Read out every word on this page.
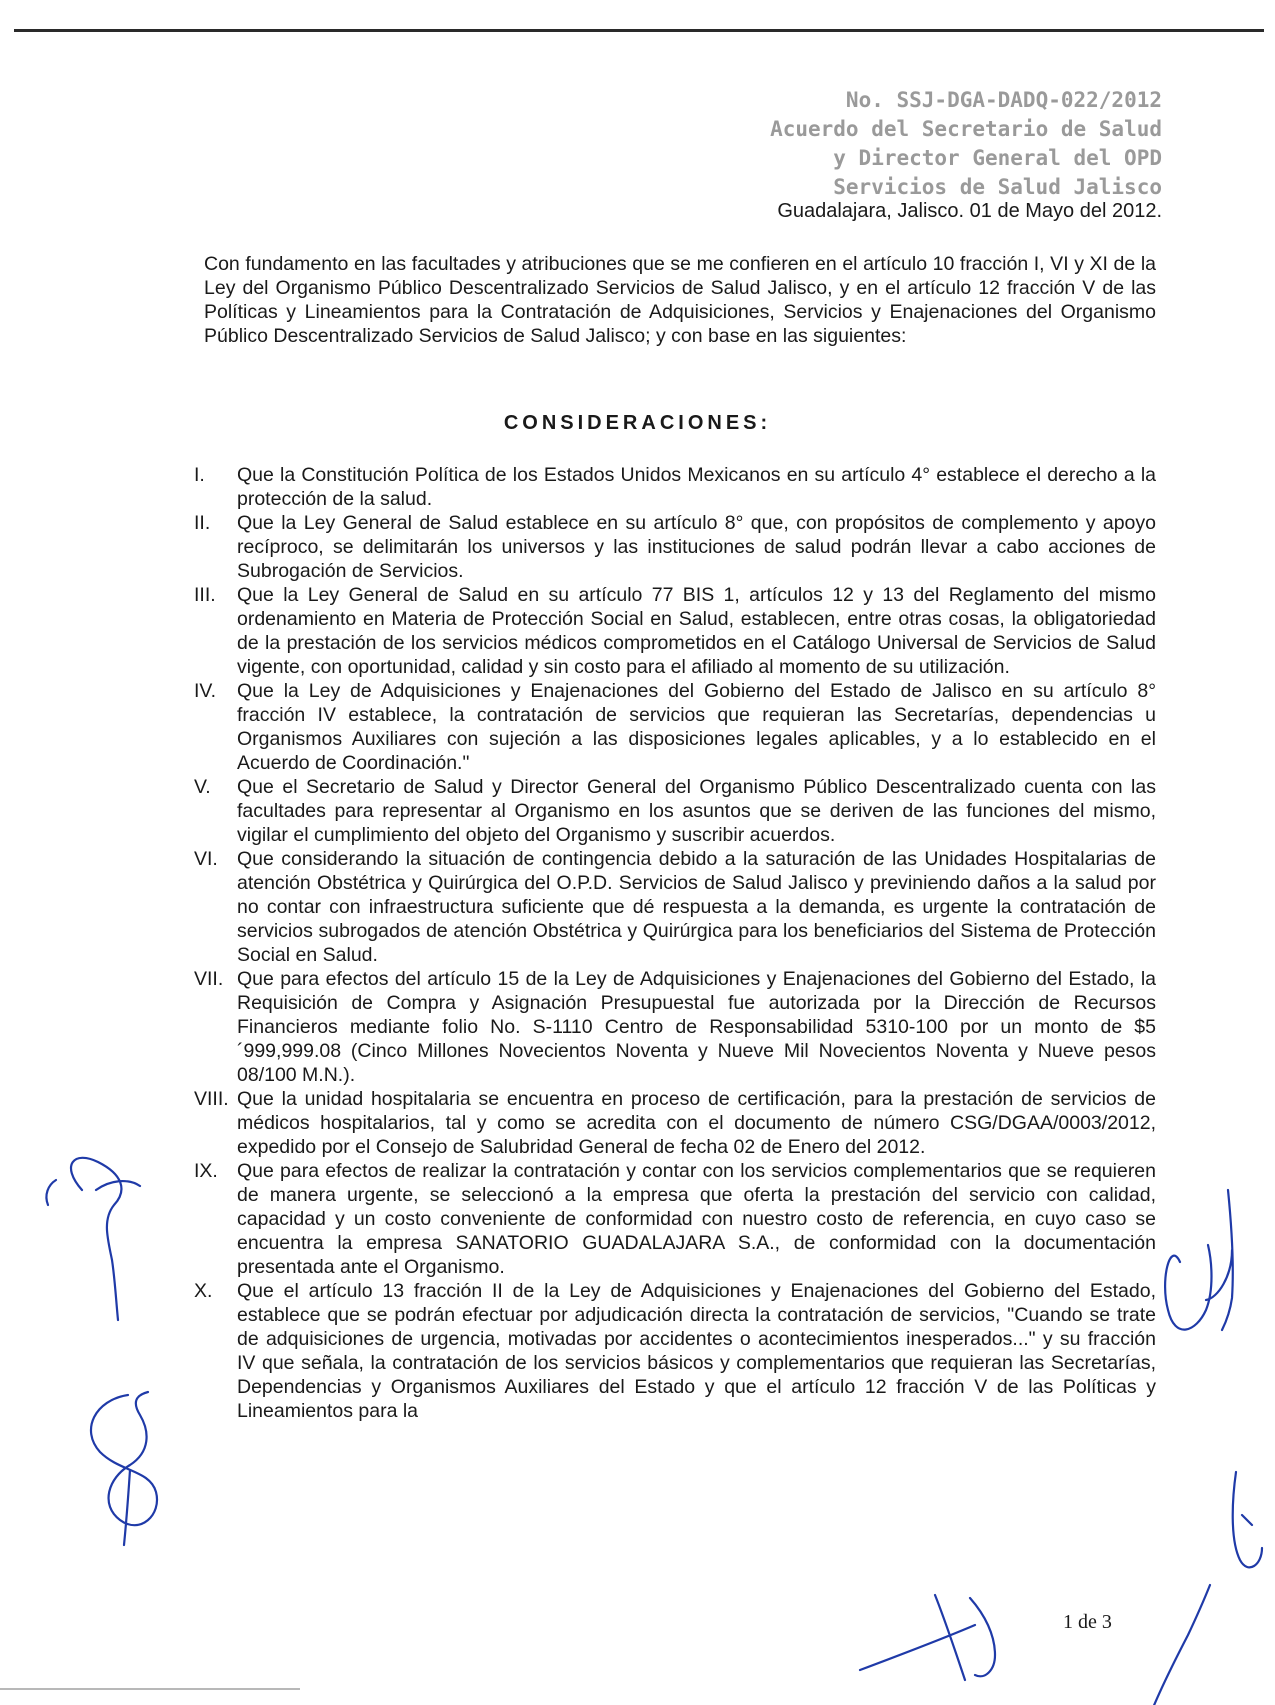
No. SSJ-DGA-DADQ-022/2012
Acuerdo del Secretario de Salud
y Director General del OPD
Servicios de Salud Jalisco
Guadalajara, Jalisco. 01 de Mayo del 2012.
Con fundamento en las facultades y atribuciones que se me confieren en el artículo 10 fracción I, VI y XI de la Ley del Organismo Público Descentralizado Servicios de Salud Jalisco, y en el artículo 12 fracción V de las Políticas y Lineamientos para la Contratación de Adquisiciones, Servicios y Enajenaciones del Organismo Público Descentralizado Servicios de Salud Jalisco; y con base en las siguientes:
CONSIDERACIONES:
I.	Que la Constitución Política de los Estados Unidos Mexicanos en su artículo 4° establece el derecho a la protección de la salud.
II.	Que la Ley General de Salud establece en su artículo 8° que, con propósitos de complemento y apoyo recíproco, se delimitarán los universos y las instituciones de salud podrán llevar a cabo acciones de Subrogación de Servicios.
III.	Que la Ley General de Salud en su artículo 77 BIS 1, artículos 12 y 13 del Reglamento del mismo ordenamiento en Materia de Protección Social en Salud, establecen, entre otras cosas, la obligatoriedad de la prestación de los servicios médicos comprometidos en el Catálogo Universal de Servicios de Salud vigente, con oportunidad, calidad y sin costo para el afiliado al momento de su utilización.
IV.	Que la Ley de Adquisiciones y Enajenaciones del Gobierno del Estado de Jalisco en su artículo 8° fracción IV establece, la contratación de servicios que requieran las Secretarías, dependencias u Organismos Auxiliares con sujeción a las disposiciones legales aplicables, y a lo establecido en el Acuerdo de Coordinación."
V.	Que el Secretario de Salud y Director General del Organismo Público Descentralizado cuenta con las facultades para representar al Organismo en los asuntos que se deriven de las funciones del mismo, vigilar el cumplimiento del objeto del Organismo y suscribir acuerdos.
VI. Que considerando la situación de contingencia debido a la saturación de las Unidades Hospitalarias de atención Obstétrica y Quirúrgica del O.P.D. Servicios de Salud Jalisco y previniendo daños a la salud por no contar con infraestructura suficiente que dé respuesta a la demanda, es urgente la contratación de servicios subrogados de atención Obstétrica y Quirúrgica para los beneficiarios del Sistema de Protección Social en Salud.
VII. Que para efectos del artículo 15 de la Ley de Adquisiciones y Enajenaciones del Gobierno del Estado, la Requisición de Compra y Asignación Presupuestal fue autorizada por la Dirección de Recursos Financieros mediante folio No. S-1110 Centro de Responsabilidad 5310-100 por un monto de $5´999,999.08 (Cinco Millones Novecientos Noventa y Nueve Mil Novecientos Noventa y Nueve pesos 08/100 M.N.).
VIII. Que la unidad hospitalaria se encuentra en proceso de certificación, para la prestación de servicios de médicos hospitalarios, tal y como se acredita con el documento de número CSG/DGAA/0003/2012, expedido por el Consejo de Salubridad General de fecha 02 de Enero del 2012.
IX. Que para efectos de realizar la contratación y contar con los servicios complementarios que se requieren de manera urgente, se seleccionó a la empresa que oferta la prestación del servicio con calidad, capacidad y un costo conveniente de conformidad con nuestro costo de referencia, en cuyo caso se encuentra la empresa SANATORIO GUADALAJARA S.A., de conformidad con la documentación presentada ante el Organismo.
X.	Que el artículo 13 fracción II de la Ley de Adquisiciones y Enajenaciones del Gobierno del Estado, establece que se podrán efectuar por adjudicación directa la contratación de servicios, "Cuando se trate de adquisiciones de urgencia, motivadas por accidentes o acontecimientos inesperados..." y su fracción IV que señala, la contratación de los servicios básicos y complementarios que requieran las Secretarías, Dependencias y Organismos Auxiliares del Estado y que el artículo 12 fracción V de las Políticas y Lineamientos para la
1 de 3
